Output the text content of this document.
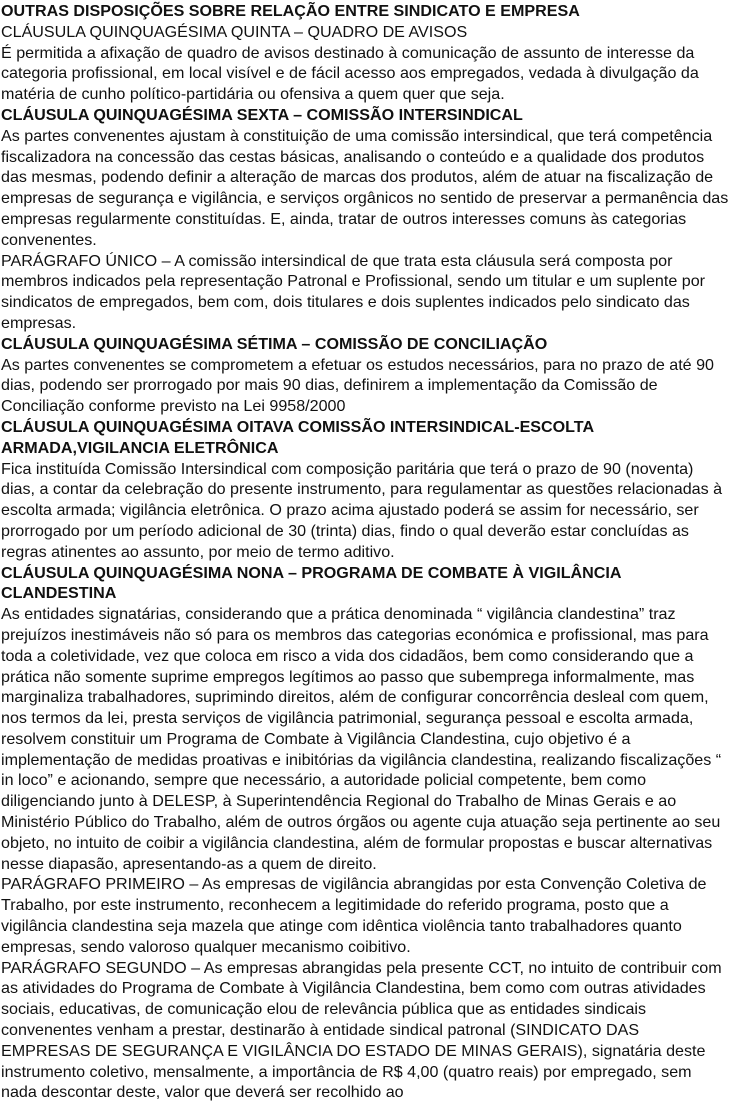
OUTRAS DISPOSIÇÕES SOBRE RELAÇÃO ENTRE SINDICATO E EMPRESA
CLÁUSULA QUINQUAGÉSIMA QUINTA – QUADRO DE AVISOS
É permitida a afixação de quadro de avisos destinado à comunicação de assunto de interesse da categoria profissional, em local visível e de fácil acesso aos empregados, vedada à divulgação da matéria de cunho político-partidária ou ofensiva a quem quer que seja.
CLÁUSULA QUINQUAGÉSIMA SEXTA – COMISSÃO INTERSINDICAL
As partes convenentes ajustam à constituição de uma comissão intersindical, que terá competência fiscalizadora na concessão das cestas básicas, analisando o conteúdo e a qualidade dos produtos das mesmas, podendo definir a alteração de marcas dos produtos, além de atuar na fiscalização de empresas de segurança e vigilância, e serviços orgânicos no sentido de preservar a permanência das empresas regularmente constituídas. E, ainda, tratar de outros interesses comuns às categorias convenentes.
PARÁGRAFO ÚNICO – A comissão intersindical de que trata esta cláusula será composta por membros indicados pela representação Patronal e Profissional, sendo um titular e um suplente por sindicatos de empregados, bem com, dois titulares e dois suplentes indicados pelo sindicato das empresas.
CLÁUSULA QUINQUAGÉSIMA SÉTIMA – COMISSÃO DE CONCILIAÇÃO
As partes convenentes se comprometem a efetuar os estudos necessários, para no prazo de até 90 dias, podendo ser prorrogado por mais 90 dias, definirem a implementação da Comissão de Conciliação conforme previsto na Lei 9958/2000
CLÁUSULA QUINQUAGÉSIMA OITAVA COMISSÃO INTERSINDICAL-ESCOLTA ARMADA,VIGILANCIA ELETRÔNICA
Fica instituída Comissão Intersindical com composição paritária que terá o prazo de 90 (noventa) dias, a contar da celebração do presente instrumento, para regulamentar as questões relacionadas à escolta armada; vigilância eletrônica. O prazo acima ajustado poderá se assim for necessário, ser prorrogado por um período adicional de 30 (trinta) dias, findo o qual deverão estar concluídas as regras atinentes ao assunto, por meio de termo aditivo.
CLÁUSULA QUINQUAGÉSIMA NONA – PROGRAMA DE COMBATE À VIGILÂNCIA CLANDESTINA
As entidades signatárias, considerando que a prática denominada “ vigilância clandestina” traz prejuízos inestimáveis não só para os membros das categorias económica e profissional, mas para toda a coletividade, vez que coloca em risco a vida dos cidadãos, bem como considerando que a prática não somente suprime empregos legítimos ao passo que subemprega informalmente, mas marginaliza trabalhadores, suprimindo direitos, além de configurar concorrência desleal com quem, nos termos da lei, presta serviços de vigilância patrimonial, segurança pessoal e escolta armada, resolvem constituir um Programa de Combate à Vigilância Clandestina, cujo objetivo é a implementação de medidas proativas e inibitórias da vigilância clandestina, realizando fiscalizações “ in loco” e acionando, sempre que necessário, a autoridade policial competente, bem como diligenciando junto à DELESP, à Superintendência Regional do Trabalho de Minas Gerais e ao Ministério Público do Trabalho, além de outros órgãos ou agente cuja atuação seja pertinente ao seu objeto, no intuito de coibir a vigilância clandestina, além de formular propostas e buscar alternativas nesse diapasão, apresentando-as a quem de direito.
PARÁGRAFO PRIMEIRO – As empresas de vigilância abrangidas por esta Convenção Coletiva de Trabalho, por este instrumento, reconhecem a legitimidade do referido programa, posto que a vigilância clandestina seja mazela que atinge com idêntica violência tanto trabalhadores quanto empresas, sendo valoroso qualquer mecanismo coibitivo.
PARÁGRAFO SEGUNDO – As empresas abrangidas pela presente CCT, no intuito de contribuir com as atividades do Programa de Combate à Vigilância Clandestina, bem como com outras atividades sociais, educativas, de comunicação elou de relevância pública que as entidades sindicais convenentes venham a prestar, destinarão à entidade sindical patronal (SINDICATO DAS EMPRESAS DE SEGURANÇA E VIGILÂNCIA DO ESTADO DE MINAS GERAIS), signatária deste instrumento coletivo, mensalmente, a importância de R$ 4,00 (quatro reais) por empregado, sem nada descontar deste, valor que deverá ser recolhido ao
